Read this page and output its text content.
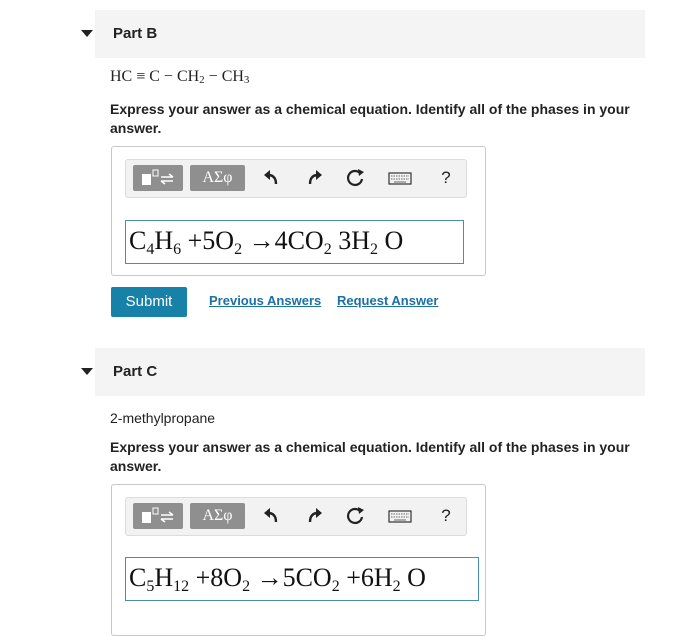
Part B
HC ≡ $C - CH_2 - CH_3$
Express your answer as a chemical equation. Identify all of the phases in your answer.
ΑΣφ	?
$C_4H_6 +5O_2 \to 4CO_2$ $3H_2$ O
Submit	Previous Answers Request Answer
Part C
2-methylpropane
Express your answer as a chemical equation. Identify all of the phases in your answer.
ΑΣφ	?
$C_5H_{12} +8O_2 \to 5CO_2 +6H_2$ O
